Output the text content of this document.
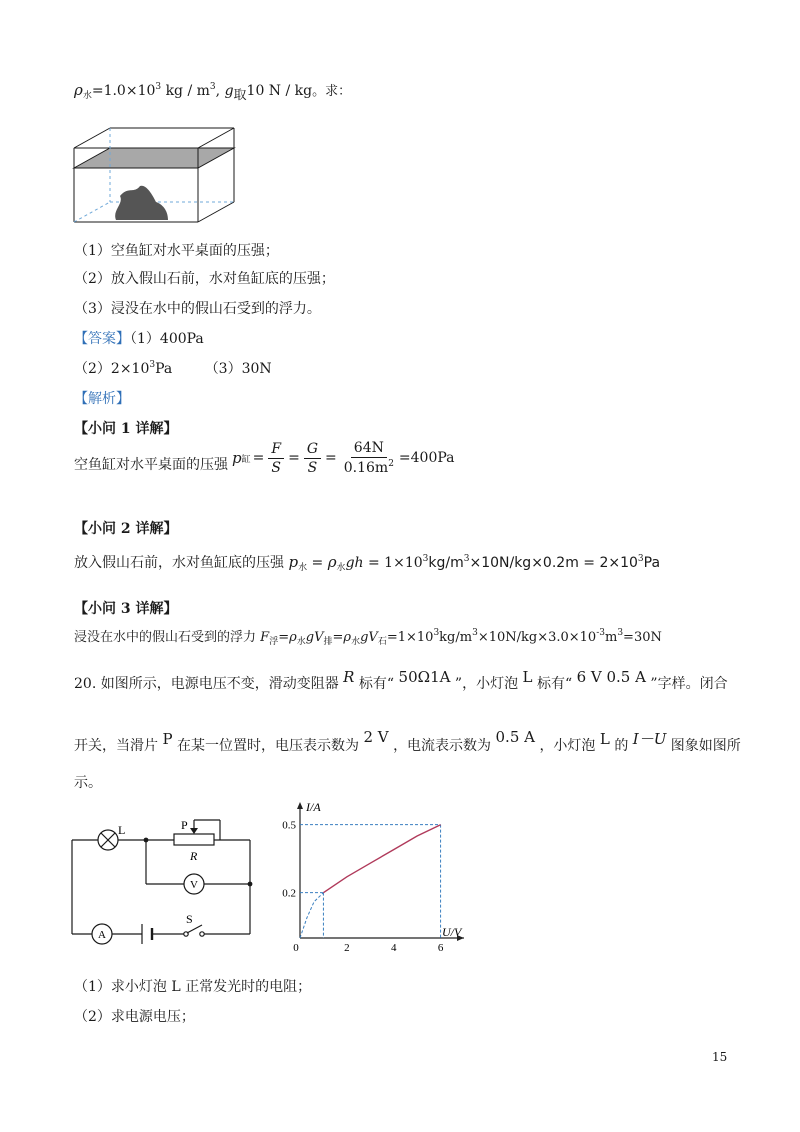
$\rho_水=1.0\times 10^3$ kg / $m^3$, g取10 N / kg。求：
（1）空鱼缸对水平桌面的压强；
（2）放入假山石前，水对鱼缸底的压强；
（3）浸没在水中的假山石受到的浮力。
【答案】（1）400Pa
$(2)2\times 10^3Pa$ （3）30N
【解析】
【小问 1 详解】
空鱼缸对水平桌面的压强 p 缸 = $\frac{F}{S} = \frac{G}{S} = \frac{64N}{0.16m^2} =400Pa$
【小问 2 详解】
放入假山石前，水对鱼缸底的压强 $p_水 = \rho_水gh = 1\times 10^3kg/m^3\times 10N/kg\times 0.2m = 2\times 10^3Pa$
【小问 3 详解】
浸没在水中的假山石受到的浮力 $F_浮=\rho_水gV_排=\rho_水gV_石=1\times 10^3kg/m^3\times 10N/kg\times 3.0\times 10^{-3}m^3=30N$
20. 如图所示，电源电压不变，滑动变阻器 R 标有“ 50Ω1A ”，小灯泡 L 标有“ 6 V 0.5 A ”字样。闭合
开关，当滑片 P 在某一位置时，电压表示数为 2 V ，电流表示数为 0.5 A ，小灯泡 L 的 I－U 图象如图所
示。
L	P
R
V
A
S
2	4	6
0.2
0.5
I/A
U/V
0
（1）求小灯泡 L 正常发光时的电阻；
（2）求电源电压；
15
